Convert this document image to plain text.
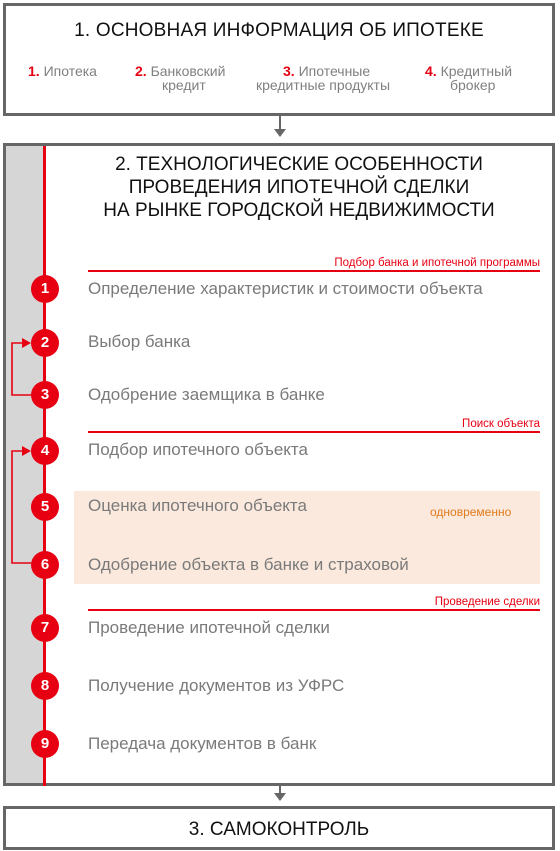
1. ОСНОВНАЯ ИНФОРМАЦИЯ ОБ ИПОТЕКЕ
1. Ипотека	2. Банковский
кредит
3. Ипотечные
кредитные продукты
4. Кредитный
брокер
2. ТЕХНОЛОГИЧЕСКИЕ ОСОБЕННОСТИ
ПРОВЕДЕНИЯ ИПОТЕЧНОЙ СДЕЛКИ
НА РЫНКЕ ГОРОДСКОЙ НЕДВИЖИМОСТИ
одновременно
Подбор банка и ипотечной программы
Поиск объекта
Проведение сделки
1	Определение характеристик и стоимости объекта
2	Выбор банка
3	Одобрение заемщика в банке
4	Подбор ипотечного объекта
5	Оценка ипотечного объекта
6	Одобрение объекта в банке и страховой
7	Проведение ипотечной сделки
8	Получение документов из УФРС
9	Передача документов в банк
3. САМОКОНТРОЛЬ
